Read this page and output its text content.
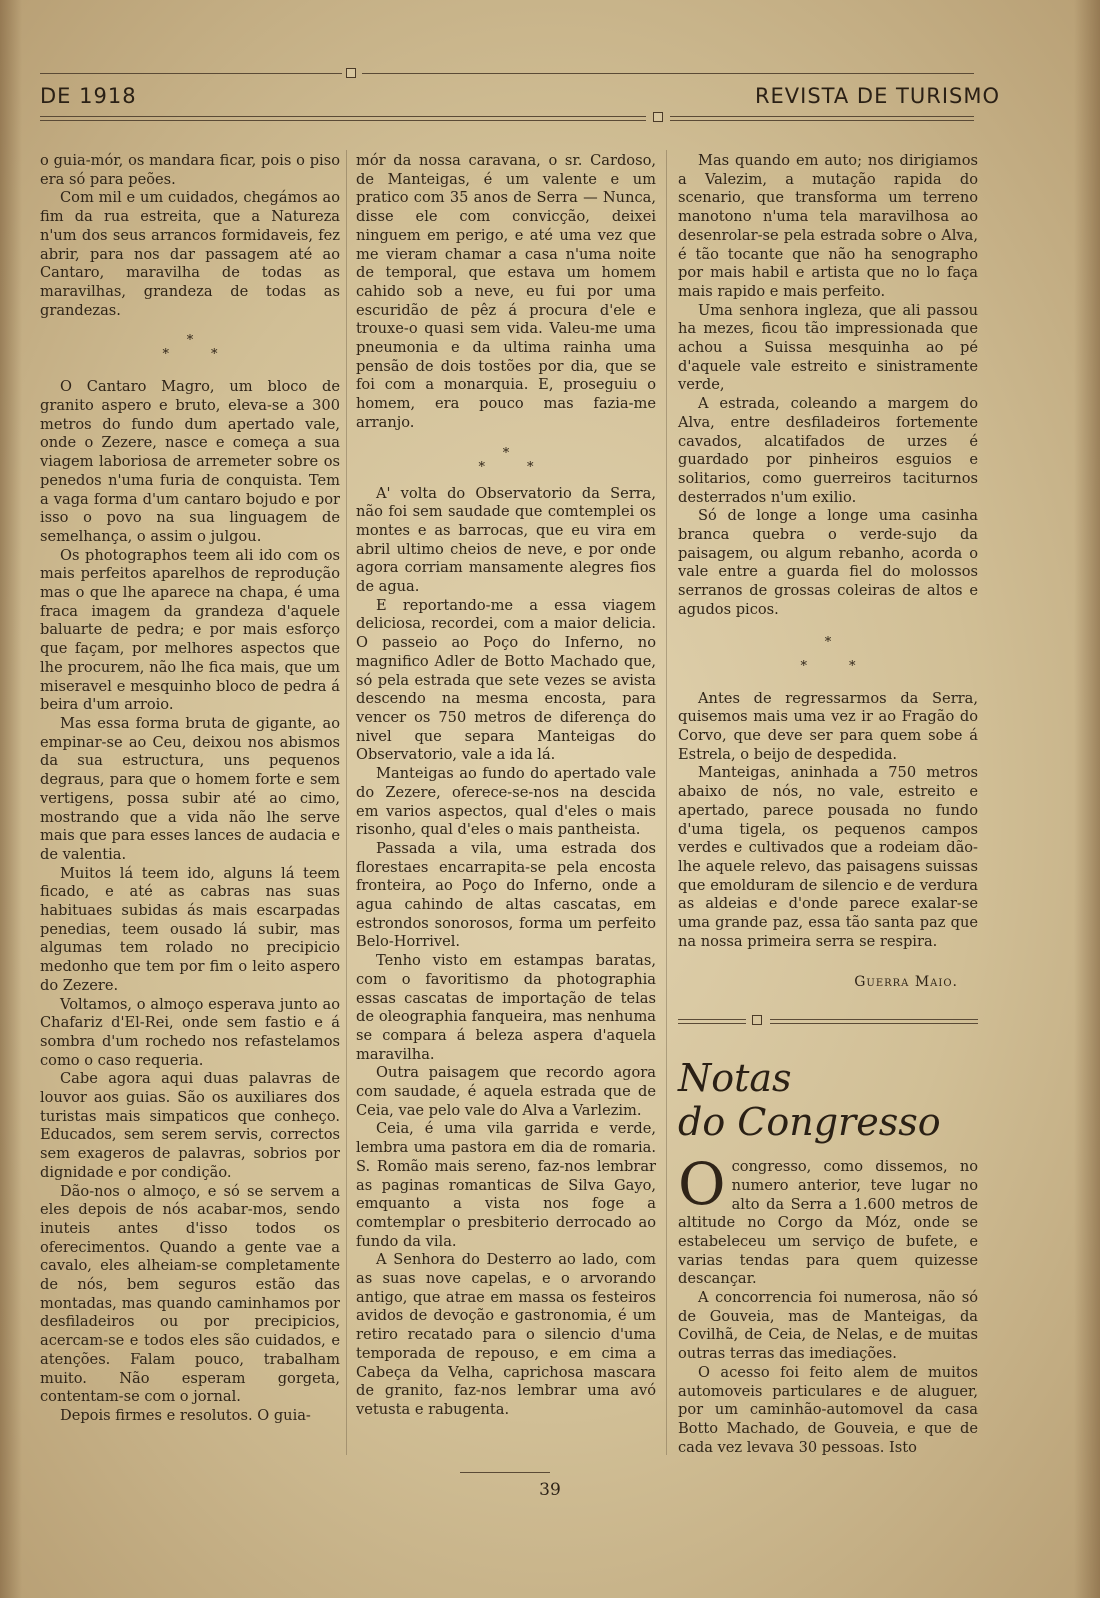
DE 1918	REVISTA DE TURISMO

o guia-mór, os mandara ficar, pois o piso era só para peões.

Com mil e um cuidados, chegámos ao fim da rua estreita, que a Natureza n'um dos seus arrancos formidaveis, fez abrir, para nos dar passagem até ao Cantaro, maravilha de todas as maravilhas, grandeza de todas as grandezas.

*
*	*

O Cantaro Magro, um bloco de granito aspero e bruto, eleva-se a 300 metros do fundo dum apertado vale, onde o Zezere, nasce e começa a sua viagem laboriosa de arremeter sobre os penedos n'uma furia de conquista. Tem a vaga forma d'um cantaro bojudo e por isso o povo na sua linguagem de semelhança, o assim o julgou.

Os photographos teem ali ido com os mais perfeitos aparelhos de reprodução mas o que lhe aparece na chapa, é uma fraca imagem da grandeza d'aquele baluarte de pedra; e por mais esforço que façam, por melhores aspectos que lhe procurem, não lhe fica mais, que um miseravel e mesquinho bloco de pedra á beira d'um arroio.

Mas essa forma bruta de gigante, ao empinar-se ao Ceu, deixou nos abismos da sua estructura, uns pequenos degraus, para que o homem forte e sem vertigens, possa subir até ao cimo, mostrando que a vida não lhe serve mais que para esses lances de audacia e de valentia.

Muitos lá teem ido, alguns lá teem ficado, e até as cabras nas suas habituaes subidas ás mais escarpadas penedias, teem ousado lá subir, mas algumas tem rolado no precipicio medonho que tem por fim o leito aspero do Zezere.

Voltamos, o almoço esperava junto ao Chafariz d'El-Rei, onde sem fastio e á sombra d'um rochedo nos refastelamos como o caso requeria.

Cabe agora aqui duas palavras de louvor aos guias. São os auxiliares dos turistas mais simpaticos que conheço. Educados, sem serem servis, correctos sem exageros de palavras, sobrios por dignidade e por condição.

Dão-nos o almoço, e só se servem a eles depois de nós acabar-mos, sendo inuteis antes d'isso todos os oferecimentos. Quando a gente vae a cavalo, eles alheiam-se completamente de nós, bem seguros estão das montadas, mas quando caminhamos por desfiladeiros ou por precipicios, acercam-se e todos eles são cuidados, e atenções. Falam pouco, trabalham muito. Não esperam gorgeta, contentam-se com o jornal.

Depois firmes e resolutos. O guia-

mór da nossa caravana, o sr. Cardoso, de Manteigas, é um valente e um pratico com 35 anos de Serra — Nunca, disse ele com convicção, deixei ninguem em perigo, e até uma vez que me vieram chamar a casa n'uma noite de temporal, que estava um homem cahido sob a neve, eu fui por uma escuridão de pêz á procura d'ele e trouxe-o quasi sem vida. Valeu-me uma pneumonia e da ultima rainha uma pensão de dois tostões por dia, que se foi com a monarquia. E, proseguiu o homem, era pouco mas fazia-me arranjo.

*
*	*

A' volta do Observatorio da Serra, não foi sem saudade que comtemplei os montes e as barrocas, que eu vira em abril ultimo cheios de neve, e por onde agora corriam mansamente alegres fios de agua.

E reportando-me a essa viagem deliciosa, recordei, com a maior delicia. O passeio ao Poço do Inferno, no magnifico Adler de Botto Machado que, só pela estrada que sete vezes se avista descendo na mesma encosta, para vencer os 750 metros de diferença do nivel que separa Manteigas do Observatorio, vale a ida lá.

Manteigas ao fundo do apertado vale do Zezere, oferece-se-nos na descida em varios aspectos, qual d'eles o mais risonho, qual d'eles o mais pantheista.

Passada a vila, uma estrada dos florestaes encarrapita-se pela encosta fronteira, ao Poço do Inferno, onde a agua cahindo de altas cascatas, em estrondos sonorosos, forma um perfeito Belo-Horrivel.

Tenho visto em estampas baratas, com o favoritismo da photographia essas cascatas de importação de telas de oleographia fanqueira, mas nenhuma se compara á beleza aspera d'aquela maravilha.

Outra paisagem que recordo agora com saudade, é aquela estrada que de Ceia, vae pelo vale do Alva a Varlezim.

Ceia, é uma vila garrida e verde, lembra uma pastora em dia de romaria. S. Romão mais sereno, faz-nos lembrar as paginas romanticas de Silva Gayo, emquanto a vista nos foge a comtemplar o presbiterio derrocado ao fundo da vila.

A Senhora do Desterro ao lado, com as suas nove capelas, e o arvorando antigo, que atrae em massa os festeiros avidos de devoção e gastronomia, é um retiro recatado para o silencio d'uma temporada de repouso, e em cima a Cabeça da Velha, caprichosa mascara de granito, faz-nos lembrar uma avó vetusta e rabugenta.

Mas quando em auto; nos dirigiamos a Valezim, a mutação rapida do scenario, que transforma um terreno manotono n'uma tela maravilhosa ao desenrolar-se pela estrada sobre o Alva, é tão tocante que não ha senographo por mais habil e artista que no lo faça mais rapido e mais perfeito.

Uma senhora ingleza, que ali passou ha mezes, ficou tão impressionada que achou a Suissa mesquinha ao pé d'aquele vale estreito e sinistramente verde,

A estrada, coleando a margem do Alva, entre desfiladeiros fortemente cavados, alcatifados de urzes é guardado por pinheiros esguios e solitarios, como guerreiros taciturnos desterrados n'um exilio.

Só de longe a longe uma casinha branca quebra o verde-sujo da paisagem, ou algum rebanho, acorda o vale entre a guarda fiel do molossos serranos de grossas coleiras de altos e agudos picos.

*
*	*

Antes de regressarmos da Serra, quisemos mais uma vez ir ao Fragão do Corvo, que deve ser para quem sobe á Estrela, o beijo de despedida.

Manteigas, aninhada a 750 metros abaixo de nós, no vale, estreito e apertado, parece pousada no fundo d'uma tigela, os pequenos campos verdes e cultivados que a rodeiam dão-lhe aquele relevo, das paisagens suissas que emolduram de silencio e de verdura as aldeias e d'onde parece exalar-se uma grande paz, essa tão santa paz que na nossa primeira serra se respira.

Guerra Maio.
Notas
do Congresso

Ocongresso, como dissemos, no numero anterior, teve lugar no alto da Serra a 1.600 metros de altitude no Corgo da Móz, onde se estabeleceu um serviço de bufete, e varias tendas para quem quizesse descançar.

A concorrencia foi numerosa, não só de Gouveia, mas de Manteigas, da Covilhã, de Ceia, de Nelas, e de muitas outras terras das imediações.

O acesso foi feito alem de muitos automoveis particulares e de aluguer, por um caminhão-automovel da casa Botto Machado, de Gouveia, e que de cada vez levava 30 pessoas. Isto

39
